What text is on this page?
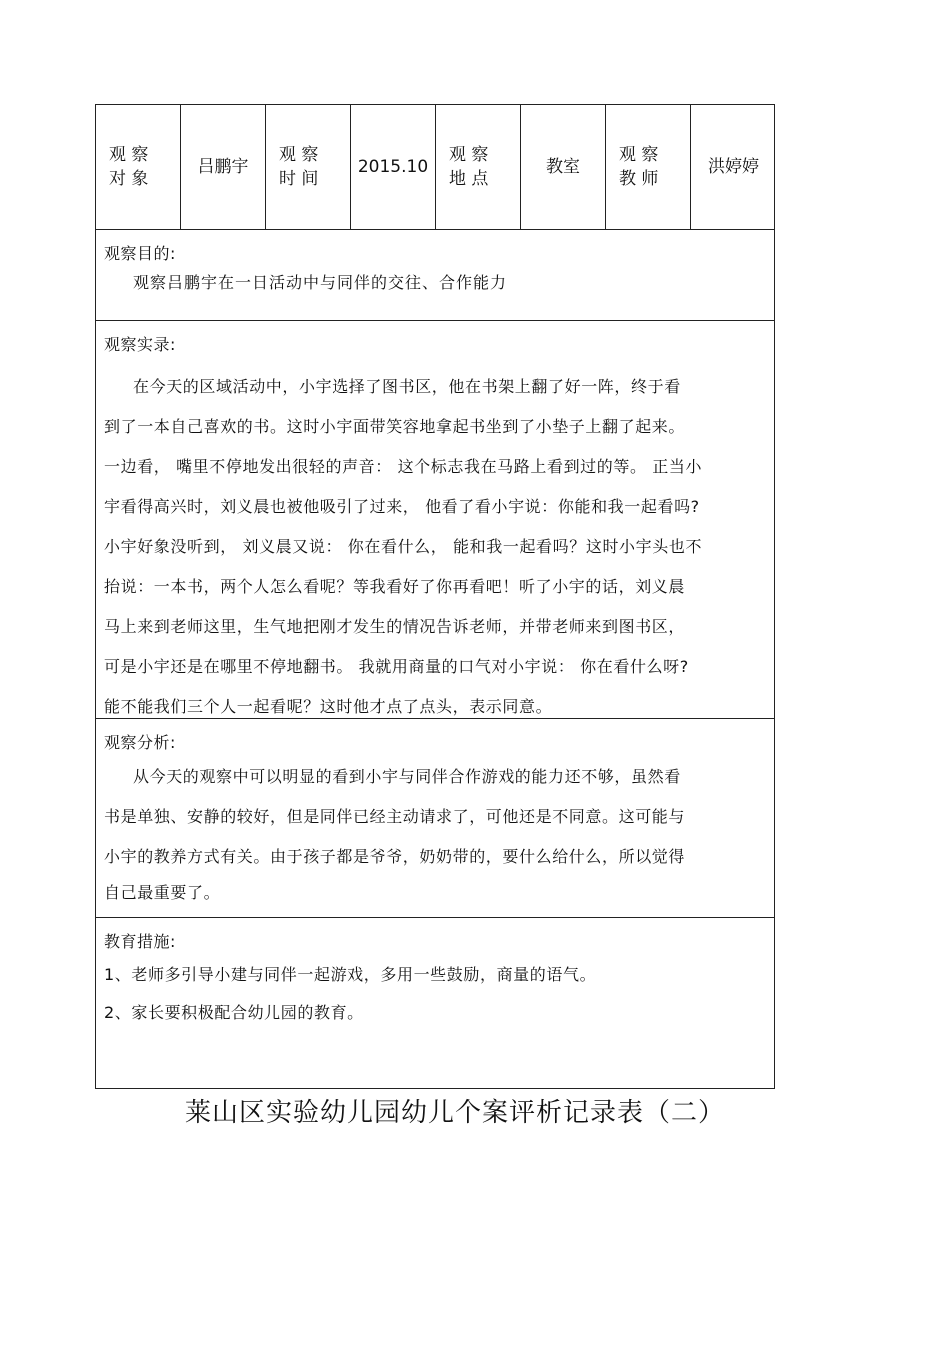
观 察
对 象
吕鹏宇
观 察
时 间
2015.10
观 察
地 点
教室
观 察
教 师
洪婷婷
观察目的:
观察吕鹏宇在一日活动中与同伴的交往、合作能力
观察实录:
在今天的区域活动中，小宇选择了图书区，他在书架上翻了好一阵，终于看
到了一本自己喜欢的书。这时小宇面带笑容地拿起书坐到了小垫子上翻了起来。
一边看， 嘴里不停地发出很轻的声音： 这个标志我在马路上看到过的等。 正当小
宇看得高兴时，刘义晨也被他吸引了过来， 他看了看小宇说：你能和我一起看吗?
小宇好象没听到， 刘义晨又说： 你在看什么， 能和我一起看吗？这时小宇头也不
抬说：一本书，两个人怎么看呢？等我看好了你再看吧！听了小宇的话，刘义晨
马上来到老师这里，生气地把刚才发生的情况告诉老师，并带老师来到图书区，
可是小宇还是在哪里不停地翻书。 我就用商量的口气对小宇说： 你在看什么呀?
能不能我们三个人一起看呢？这时他才点了点头，表示同意。
观察分析:
从今天的观察中可以明显的看到小宇与同伴合作游戏的能力还不够，虽然看
书是单独、安静的较好，但是同伴已经主动请求了，可他还是不同意。这可能与
小宇的教养方式有关。由于孩子都是爷爷，奶奶带的，要什么给什么，所以觉得
自己最重要了。
教育措施:
1、老师多引导小建与同伴一起游戏，多用一些鼓励，商量的语气。
2、家长要积极配合幼儿园的教育。
莱山区实验幼儿园幼儿个案评析记录表（二）
